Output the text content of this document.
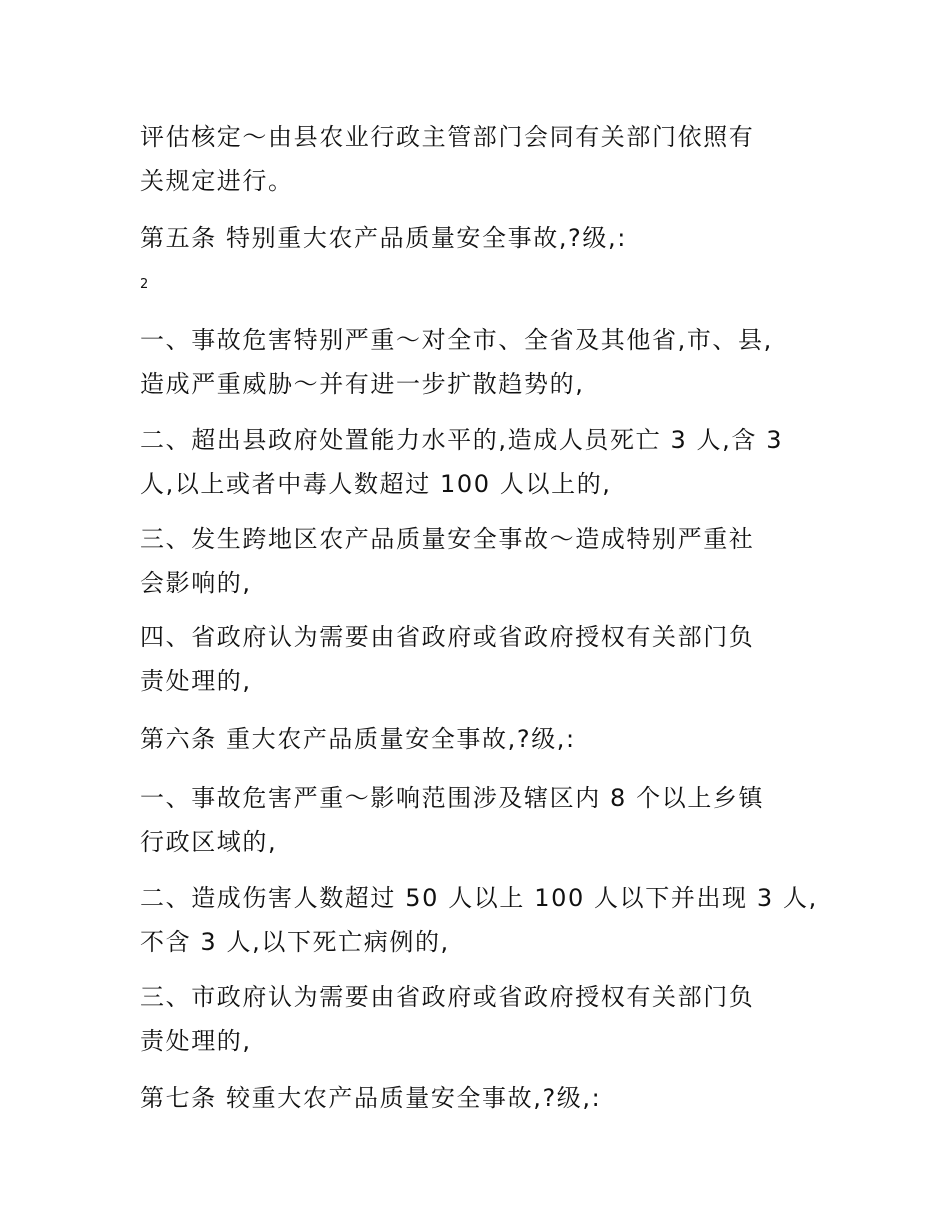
评估核定～由县农业行政主管部门会同有关部门依照有
关规定进行。
第五条 特别重大农产品质量安全事故,?级,:
2
一、事故危害特别严重～对全市、全省及其他省,市、县,
造成严重威胁～并有进一步扩散趋势的,
二、超出县政府处置能力水平的,造成人员死亡 3 人,含 3
人,以上或者中毒人数超过 100 人以上的,
三、发生跨地区农产品质量安全事故～造成特别严重社
会影响的,
四、省政府认为需要由省政府或省政府授权有关部门负
责处理的,
第六条 重大农产品质量安全事故,?级,:
一、事故危害严重～影响范围涉及辖区内 8 个以上乡镇
行政区域的,
二、造成伤害人数超过 50 人以上 100 人以下并出现 3 人,
不含 3 人,以下死亡病例的,
三、市政府认为需要由省政府或省政府授权有关部门负
责处理的,
第七条 较重大农产品质量安全事故,?级,:
